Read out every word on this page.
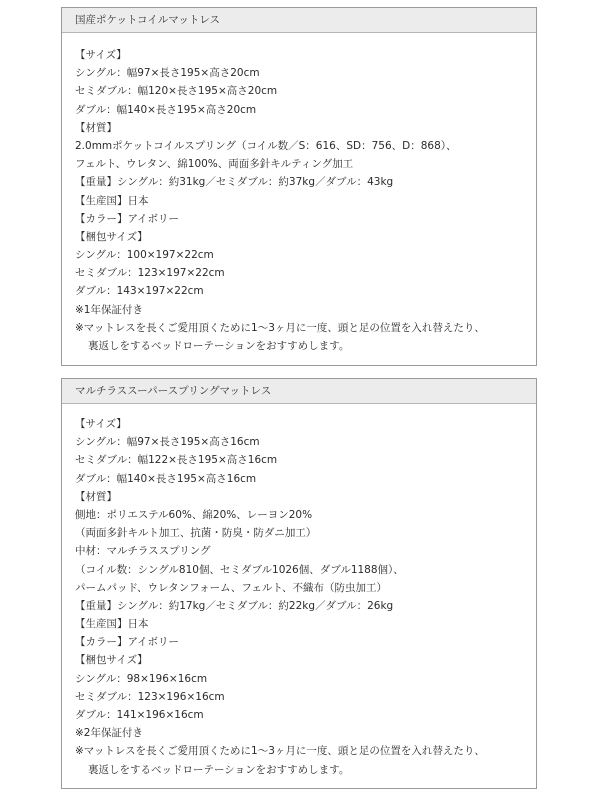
国産ポケットコイルマットレス
【サイズ】
シングル：幅97×長さ195×高さ20cm
セミダブル：幅120×長さ195×高さ20cm
ダブル：幅140×長さ195×高さ20cm
【材質】
2.0mmポケットコイルスプリング（コイル数／S：616、SD：756、D：868）、
フェルト、ウレタン、綿100%、両面多針キルティング加工
【重量】シングル：約31kg／セミダブル：約37kg／ダブル：43kg
【生産国】日本
【カラー】アイボリー
【梱包サイズ】
シングル：100×197×22cm
セミダブル：123×197×22cm
ダブル：143×197×22cm
※1年保証付き
※マットレスを長くご愛用頂くために1～3ヶ月に一度、頭と足の位置を入れ替えたり、
裏返しをするベッドローテーションをおすすめします。
マルチラススーパースプリングマットレス
【サイズ】
シングル：幅97×長さ195×高さ16cm
セミダブル：幅122×長さ195×高さ16cm
ダブル：幅140×長さ195×高さ16cm
【材質】
側地：ポリエステル60%、綿20%、レーヨン20%
（両面多針キルト加工、抗菌・防臭・防ダニ加工）
中材：マルチラススプリング
（コイル数：シングル810個、セミダブル1026個、ダブル1188個）、
パームパッド、ウレタンフォーム、フェルト、不織布（防虫加工）
【重量】シングル：約17kg／セミダブル：約22kg／ダブル：26kg
【生産国】日本
【カラー】アイボリー
【梱包サイズ】
シングル：98×196×16cm
セミダブル：123×196×16cm
ダブル：141×196×16cm
※2年保証付き
※マットレスを長くご愛用頂くために1～3ヶ月に一度、頭と足の位置を入れ替えたり、
裏返しをするベッドローテーションをおすすめします。
